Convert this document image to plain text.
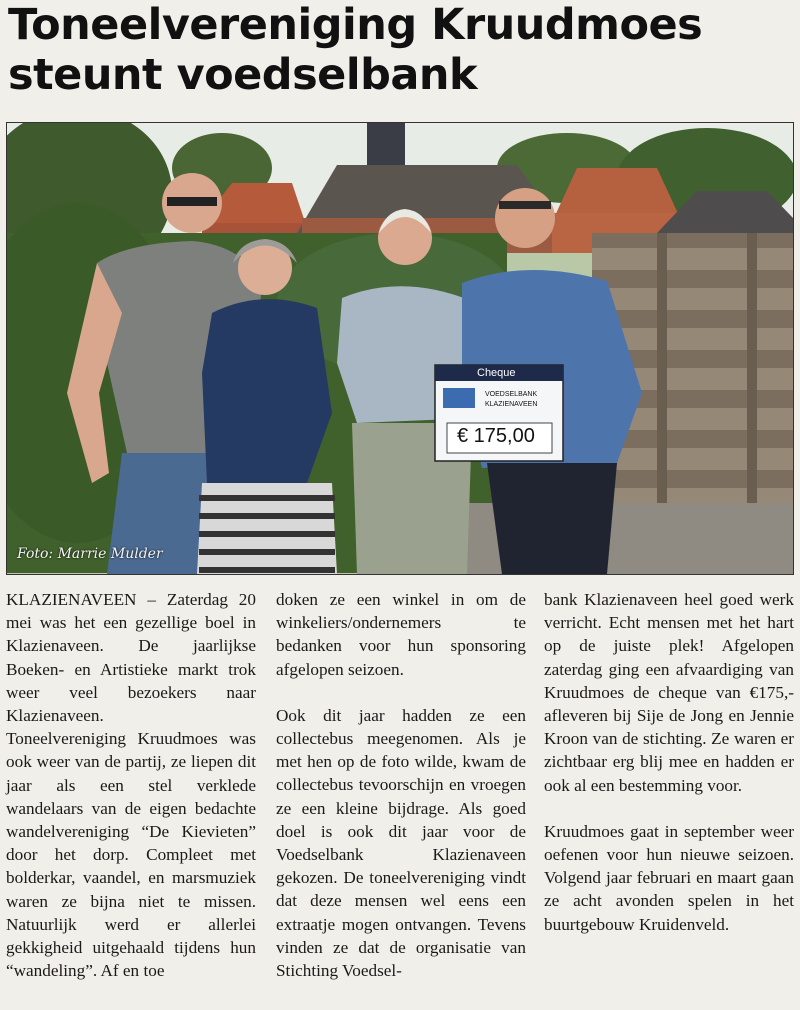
Toneelvereniging Kruudmoes
steunt voedselbank
Cheque
VOEDSELBANK
KLAZIENAVEEN
€ 175,00
Foto: Marrie Mulder

KLAZIENAVEEN – Zaterdag 20 mei was het een gezellige boel in Klazienaveen. De jaarlijkse Boeken- en Artistieke markt trok weer veel bezoekers naar Klazienaveen.

Toneelvereniging Kruudmoes was ook weer van de partij, ze liepen dit jaar als een stel verklede wandelaars van de eigen bedachte wandelvereniging “De Kievieten” door het dorp. Compleet met bolderkar, vaandel, en marsmuziek waren ze bijna niet te missen. Natuurlijk werd er allerlei gekkigheid uitgehaald tijdens hun “wandeling”. Af en toe

doken ze een winkel in om de winkeliers/ondernemers te bedanken voor hun sponsoring afgelopen seizoen.

Ook dit jaar hadden ze een collectebus meegenomen. Als je met hen op de foto wilde, kwam de collectebus tevoorschijn en vroegen ze een kleine bijdrage. Als goed doel is ook dit jaar voor de Voedselbank Klazienaveen gekozen. De toneelvereniging vindt dat deze mensen wel eens een extraatje mogen ontvangen. Tevens vinden ze dat de organisatie van Stichting Voedsel-

bank Klazienaveen heel goed werk verricht. Echt mensen met het hart op de juiste plek! Afgelopen zaterdag ging een afvaardiging van Kruudmoes de cheque van €175,- afleveren bij Sije de Jong en Jennie Kroon van de stichting. Ze waren er zichtbaar erg blij mee en hadden er ook al een bestemming voor.

Kruudmoes gaat in september weer oefenen voor hun nieuwe seizoen. Volgend jaar februari en maart gaan ze acht avonden spelen in het buurtgebouw Kruidenveld.
